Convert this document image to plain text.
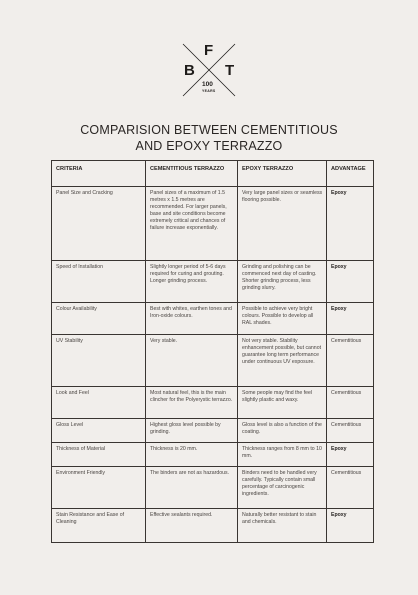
F
B T
100
YEARS
COMPARISION BETWEEN CEMENTITIOUS
AND EPOXY TERRAZZO
CRITERIA	CEMENTITIOUS TERRAZZO	EPOXY TERRAZZO	ADVANTAGE
Panel Size and Cracking	Panel sizes of a maximum of 1.5 metres x 1.5 metres are recommended. For larger panels, base and site conditions become extremely critical and chances of failure increase exponentially.	Very large panel sizes or seamless flooring possible.	Epoxy
Speed of Installation	Slightly longer period of 5-6 days required for curing and grouting. Longer grinding process.	Grinding and polishing can be commenced next day of casting. Shorter grinding process, less grinding slurry.	Epoxy
Colour Availability	Best with whites, earthen tones and Iron-oxide colours.	Possible to achieve very bright colours. Possible to develop all RAL shades.	Epoxy
UV Stability	Very stable.	Not very stable. Stability enhancement possible, but cannot guarantee long term performance under continuous UV exposure.	Cementitious
Look and Feel	Most natural feel, this is the main clincher for the Polyerystic terrazzo.	Some people may find the feel slightly plastic and waxy.	Cementitious
Gloss Level	Highest gloss level possible by grinding.	Gloss level is also a function of the coating.	Cementitious
Thickness of Material	Thickness is 20 mm.	Thickness ranges from 8 mm to 10 mm.	Epoxy
Environment Friendly	The binders are not as hazardous.	Binders need to be handled very carefully. Typically contain small percentage of carcinogenic ingredients.	Cementitious
Stain Resistance and Ease of Cleaning	Effective sealants required.	Naturally better resistant to stain and chemicals.	Epoxy
